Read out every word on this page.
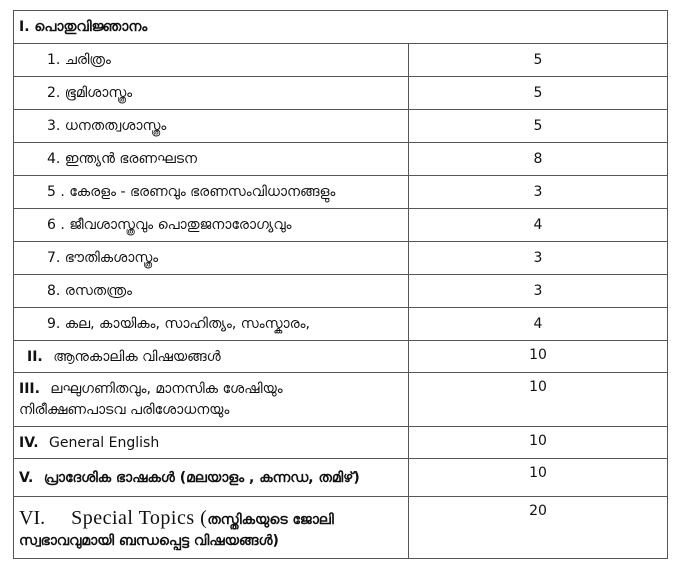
I. പൊതുവിജ്ഞാനം	
1. ചരിത്രം	5
2. ഭൂമിശാസ്ത്രം	5
3. ധനതത്വശാസ്ത്രം	5
4. ഇന്ത്യൻ ഭരണഘടന	8
5 . കേരളം - ഭരണവും ഭരണസംവിധാനങ്ങളും	3
6 . ജീവശാസ്ത്രവും പൊതുജനാരോഗ്യവും	4
7. ഭൗതികശാസ്ത്രം	3
8. രസതന്ത്രം	3
9. കല, കായികം, സാഹിത്യം, സംസ്കാരം,	4
II. ആനുകാലിക വിഷയങ്ങൾ	10
III. ലഘുഗണിതവും, മാനസിക ശേഷിയും
നിരീക്ഷണപാടവ പരിശോധനയും	10
IV. General English	10
V. പ്രാദേശിക ഭാഷകൾ (മലയാളം , കന്നഡ, തമിഴ്)	10
VI. Special Topics (തസ്തികയുടെ ജോലി
സ്വഭാവവുമായി ബന്ധപ്പെട്ട വിഷയങ്ങൾ)	20
